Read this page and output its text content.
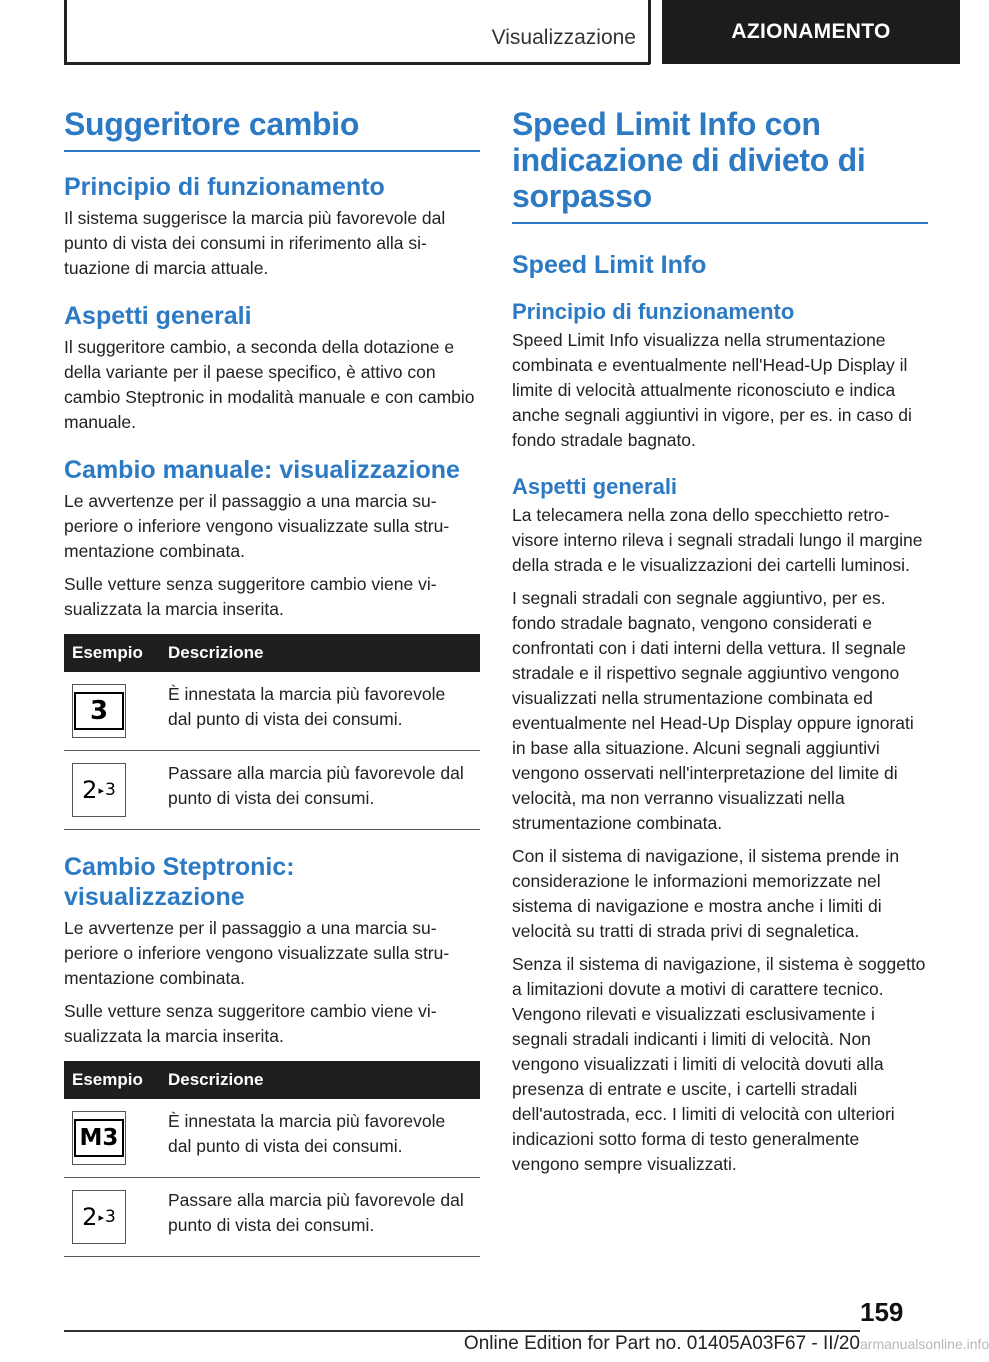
Visualizzazione	AZIONAMENTO
Suggeritore cambio
Principio di funzionamento

Il sistema suggerisce la marcia più favorevole dal punto di vista dei consumi in riferimento alla situazione di marcia attuale.

Aspetti generali

Il suggeritore cambio, a seconda della dotazione e della variante per il paese specifico, è attivo con cambio Steptronic in modalità manuale e con cambio manuale.

Cambio manuale: visualizzazione

Le avvertenze per il passaggio a una marcia superiore o inferiore vengono visualizzate sulla strumentazione combinata.

Sulle vetture senza suggeritore cambio viene visualizzata la marcia inserita.

Esempio	Descrizione

3	È innestata la marcia più favorevole dal punto di vista dei consumi.

2 ▸ 3	Passare alla marcia più favorevole dal punto di vista dei consumi.
Cambio Steptronic: visualizzazione

Le avvertenze per il passaggio a una marcia superiore o inferiore vengono visualizzate sulla strumentazione combinata.

Sulle vetture senza suggeritore cambio viene visualizzata la marcia inserita.

Esempio	Descrizione

M3	È innestata la marcia più favorevole dal punto di vista dei consumi.

2 ▸ 3	Passare alla marcia più favorevole dal punto di vista dei consumi.
Speed Limit Info con indicazione di divieto di sorpasso
Speed Limit Info
Principio di funzionamento

Speed Limit Info visualizza nella strumentazione combinata e eventualmente nell'Head-Up Display il limite di velocità attualmente riconosciuto e indica anche segnali aggiuntivi in vigore, per es. in caso di fondo stradale bagnato.

Aspetti generali

La telecamera nella zona dello specchietto retrovisore interno rileva i segnali stradali lungo il margine della strada e le visualizzazioni dei cartelli luminosi.

I segnali stradali con segnale aggiuntivo, per es. fondo stradale bagnato, vengono considerati e confrontati con i dati interni della vettura. Il segnale stradale e il rispettivo segnale aggiuntivo vengono visualizzati nella strumentazione combinata ed eventualmente nel Head-Up Display oppure ignorati in base alla situazione. Alcuni segnali aggiuntivi vengono osservati nell'interpretazione del limite di velocità, ma non verranno visualizzati nella strumentazione combinata.

Con il sistema di navigazione, il sistema prende in considerazione le informazioni memorizzate nel sistema di navigazione e mostra anche i limiti di velocità su tratti di strada privi di segnaletica.

Senza il sistema di navigazione, il sistema è soggetto a limitazioni dovute a motivi di carattere tecnico. Vengono rilevati e visualizzati esclusivamente i segnali stradali indicanti i limiti di velocità. Non vengono visualizzati i limiti di velocità dovuti alla presenza di entrate e uscite, i cartelli stradali dell'autostrada, ecc. I limiti di velocità con ulteriori indicazioni sotto forma di testo generalmente vengono sempre visualizzati.

159
Online Edition for Part no. 01405A03F67 - II/20 armanualsonline.info
